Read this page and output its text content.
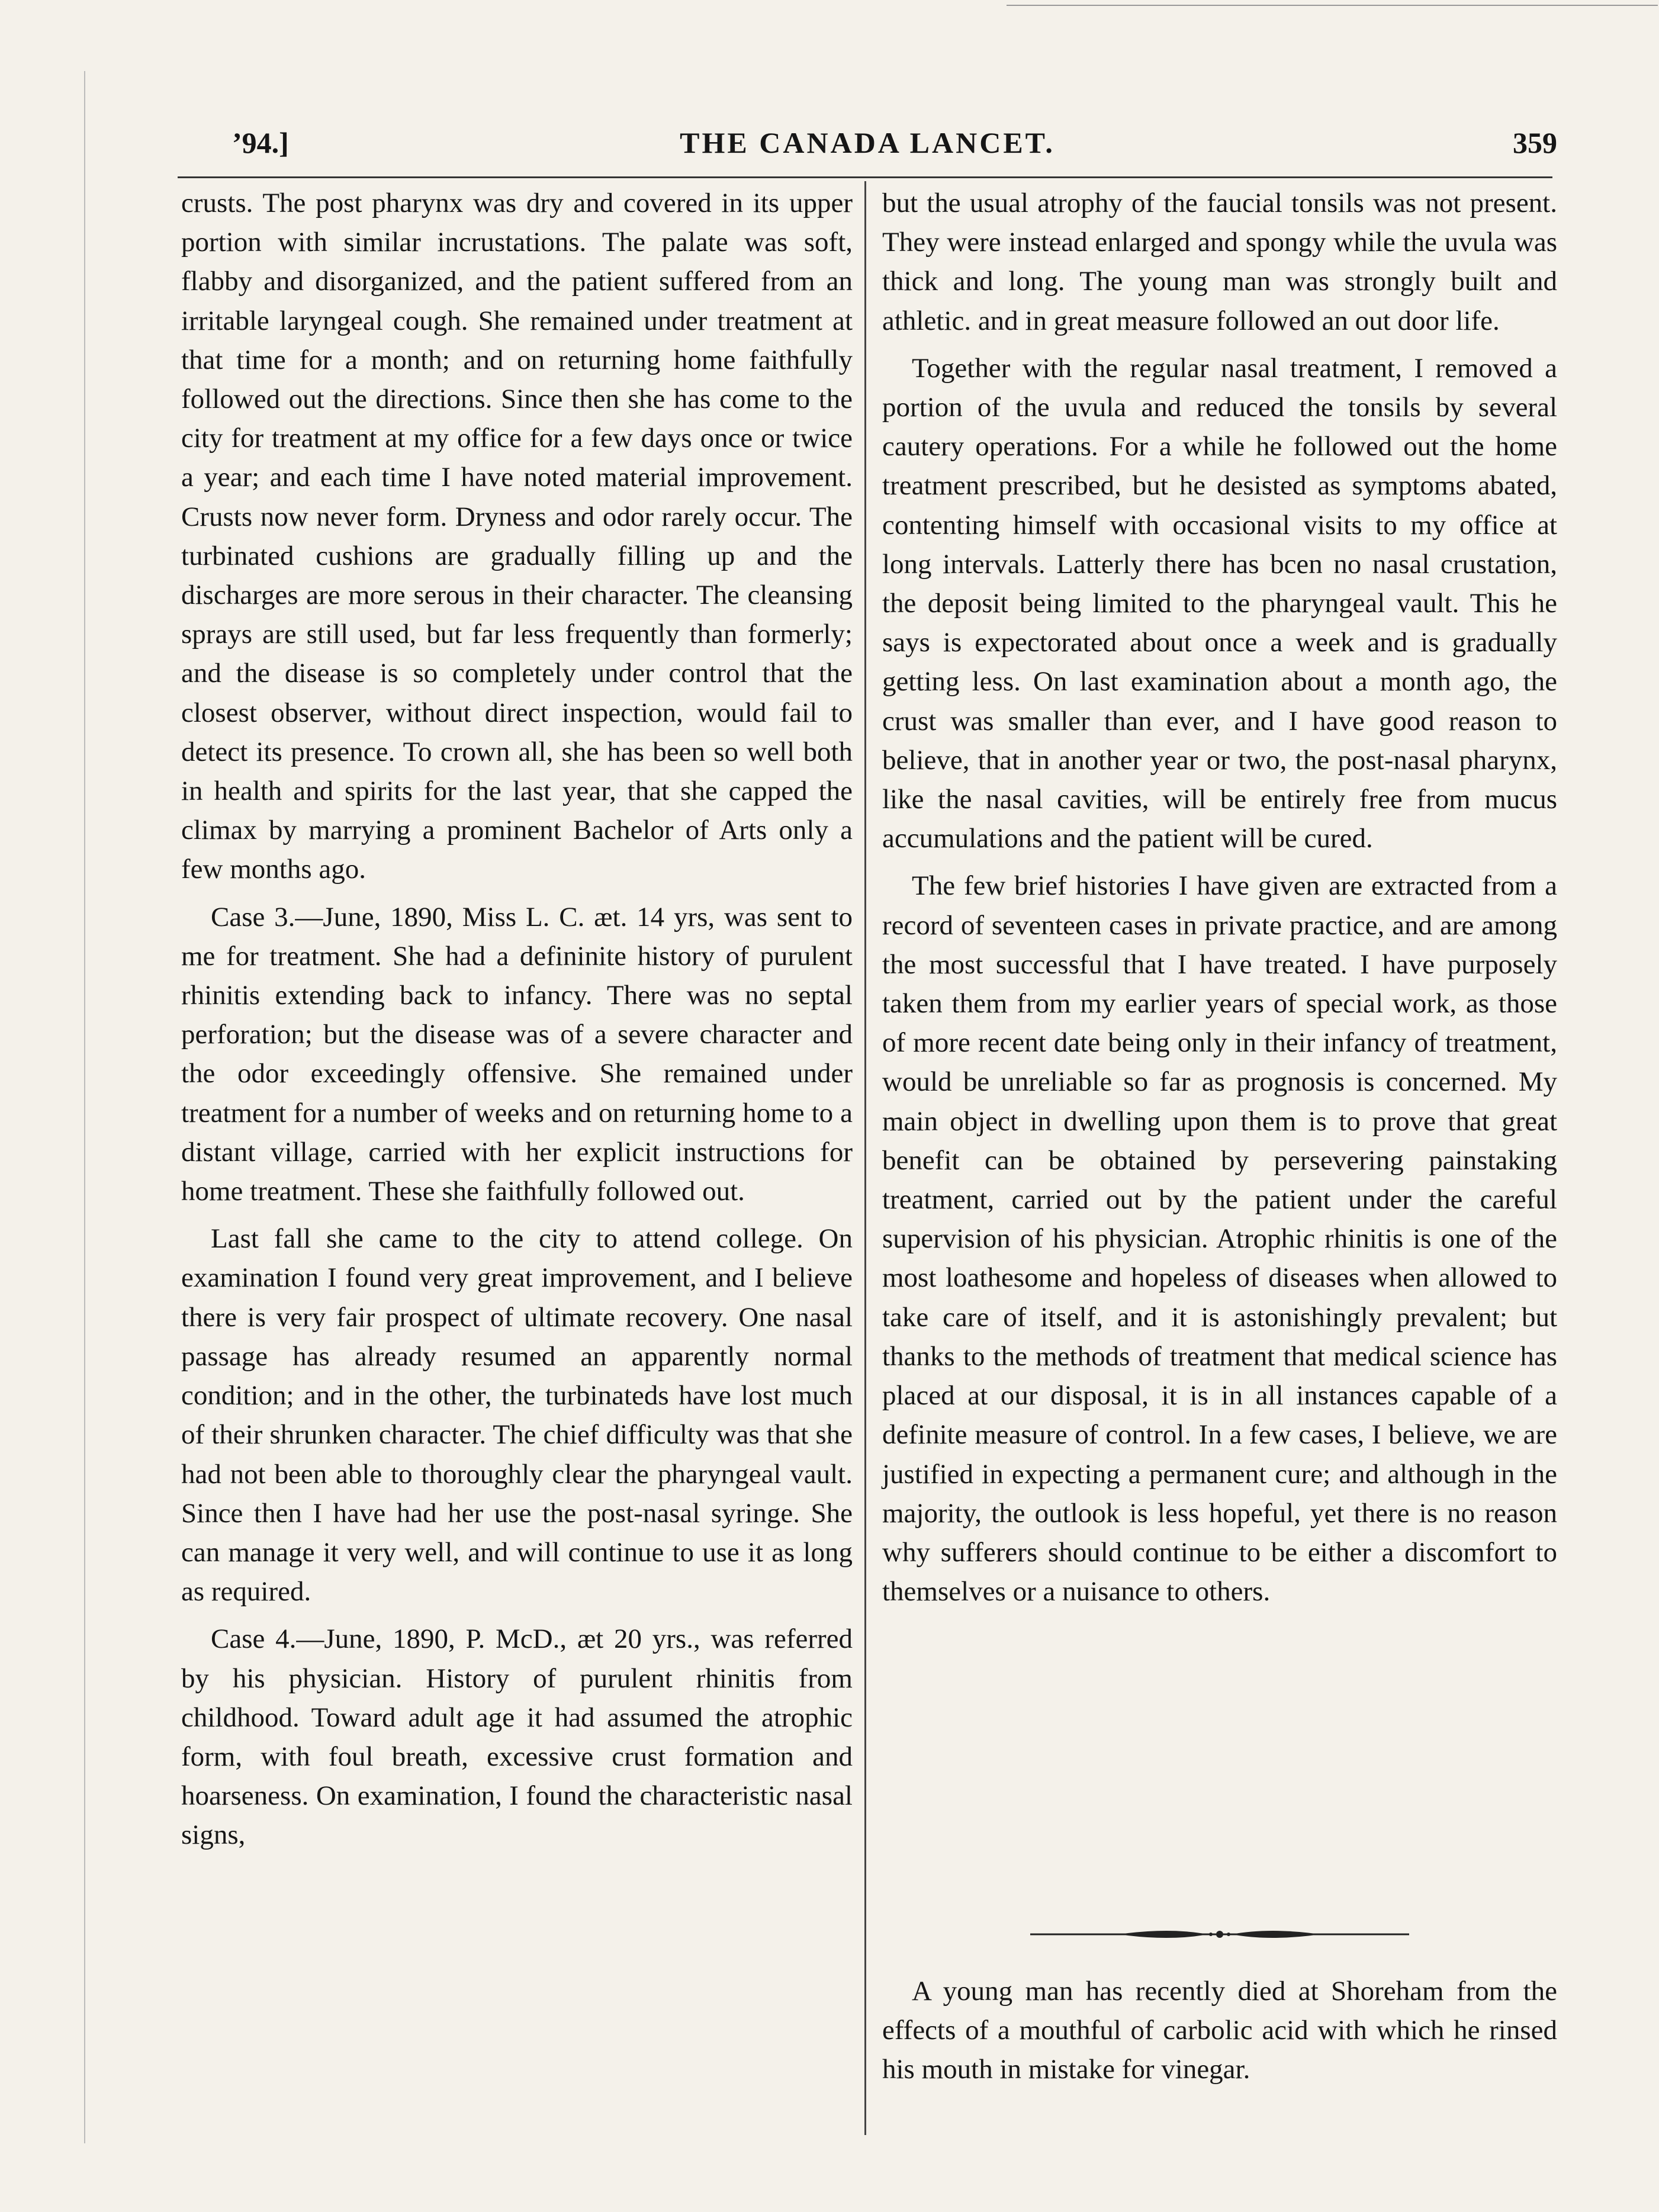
’94.]	THE CANADA LANCET.	359

crusts. The post pharynx was dry and covered in its upper portion with similar incrustations. The palate was soft, flabby and disorganized, and the patient suffered from an irritable laryngeal cough. She remained under treatment at that time for a month; and on returning home faithfully followed out the directions. Since then she has come to the city for treatment at my office for a few days once or twice a year; and each time I have noted material improvement. Crusts now never form. Dryness and odor rarely occur. The turbinated cushions are gradually filling up and the discharges are more serous in their character. The cleansing sprays are still used, but far less frequently than formerly; and the disease is so completely under control that the closest observer, without direct inspection, would fail to detect its presence. To crown all, she has been so well both in health and spirits for the last year, that she capped the climax by marrying a prominent Bachelor of Arts only a few months ago.

Case 3.—June, 1890, Miss L. C. æt. 14 yrs, was sent to me for treatment. She had a defininite history of purulent rhinitis extending back to infancy. There was no septal perforation; but the disease was of a severe character and the odor exceedingly offensive. She remained under treatment for a number of weeks and on returning home to a distant village, carried with her explicit instructions for home treatment. These she faithfully followed out.

Last fall she came to the city to attend college. On examination I found very great improvement, and I believe there is very fair prospect of ultimate recovery. One nasal passage has already resumed an apparently normal condition; and in the other, the turbinateds have lost much of their shrunken character. The chief difficulty was that she had not been able to thoroughly clear the pharyngeal vault. Since then I have had her use the post-nasal syringe. She can manage it very well, and will continue to use it as long as required.

Case 4.—June, 1890, P. McD., æt 20 yrs., was referred by his physician. History of purulent rhinitis from childhood. Toward adult age it had assumed the atrophic form, with foul breath, excessive crust formation and hoarseness. On examination, I found the characteristic nasal signs,

but the usual atrophy of the faucial tonsils was not present. They were instead enlarged and spongy while the uvula was thick and long. The young man was strongly built and athletic. and in great measure followed an out door life.

Together with the regular nasal treatment, I removed a portion of the uvula and reduced the tonsils by several cautery operations. For a while he followed out the home treatment prescribed, but he desisted as symptoms abated, contenting himself with occasional visits to my office at long intervals. Latterly there has bcen no nasal crustation, the deposit being limited to the pharyngeal vault. This he says is expectorated about once a week and is gradually getting less. On last examination about a month ago, the crust was smaller than ever, and I have good reason to believe, that in another year or two, the post-nasal pharynx, like the nasal cavities, will be entirely free from mucus accumulations and the patient will be cured.

The few brief histories I have given are extracted from a record of seventeen cases in private practice, and are among the most successful that I have treated. I have purposely taken them from my earlier years of special work, as those of more recent date being only in their infancy of treatment, would be unreliable so far as prognosis is concerned. My main object in dwelling upon them is to prove that great benefit can be obtained by persevering painstaking treatment, carried out by the patient under the careful supervision of his physician. Atrophic rhinitis is one of the most loathesome and hopeless of diseases when allowed to take care of itself, and it is astonishingly prevalent; but thanks to the methods of treatment that medical science has placed at our disposal, it is in all instances capable of a definite measure of control. In a few cases, I believe, we are justified in expecting a permanent cure; and although in the majority, the outlook is less hopeful, yet there is no reason why sufferers should continue to be either a discomfort to themselves or a nuisance to others.

A young man has recently died at Shoreham from the effects of a mouthful of carbolic acid with which he rinsed his mouth in mistake for vinegar.
